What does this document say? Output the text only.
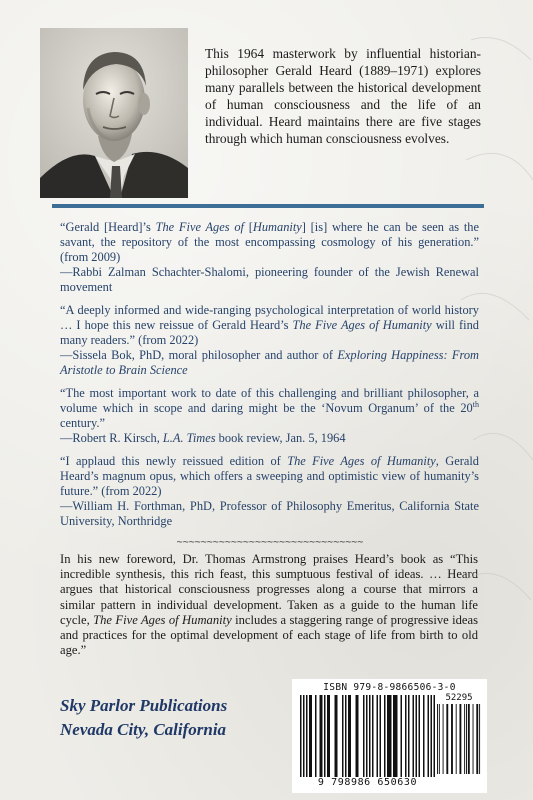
This 1964 masterwork by influential historian-philosopher Gerald Heard (1889–1971) explores many parallels between the historical development of human consciousness and the life of an individual. Heard maintains there are five stages through which human consciousness evolves.

“Gerald [Heard]’s The Five Ages of [Humanity] [is] where he can be seen as the savant, the repository of the most encompassing cosmology of his generation.” (from 2009)

—Rabbi Zalman Schachter-Shalomi, pioneering founder of the Jewish Renewal movement

“A deeply informed and wide-ranging psychological interpretation of world history … I hope this new reissue of Gerald Heard’s The Five Ages of Humanity will find many readers.” (from 2022)

—Sissela Bok, PhD, moral philosopher and author of Exploring Happiness: From Aristotle to Brain Science

“The most important work to date of this challenging and brilliant philosopher, a volume which in scope and daring might be the ‘Novum Organum’ of the 20th century.”

—Robert R. Kirsch, L.A. Times book review, Jan. 5, 1964

“I applaud this newly reissued edition of The Five Ages of Humanity, Gerald Heard’s magnum opus, which offers a sweeping and optimistic view of humanity’s future.” (from 2022)

—William H. Forthman, PhD, Professor of Philosophy Emeritus, California State University, Northridge

~~~~~~~~~~~~~~~~~~~~~~~~~~~~~~~

In his new foreword, Dr. Thomas Armstrong praises Heard’s book as “This incredible synthesis, this rich feast, this sumptuous festival of ideas. … Heard argues that historical consciousness progresses along a course that mirrors a similar pattern in individual development. Taken as a guide to the human life cycle, The Five Ages of Humanity includes a staggering range of progressive ideas and practices for the optimal development of each stage of life from birth to old age.”

Sky Parlor Publications
Nevada City, California
ISBN 979-8-9866506-3-0
52295
9 798986 650630
